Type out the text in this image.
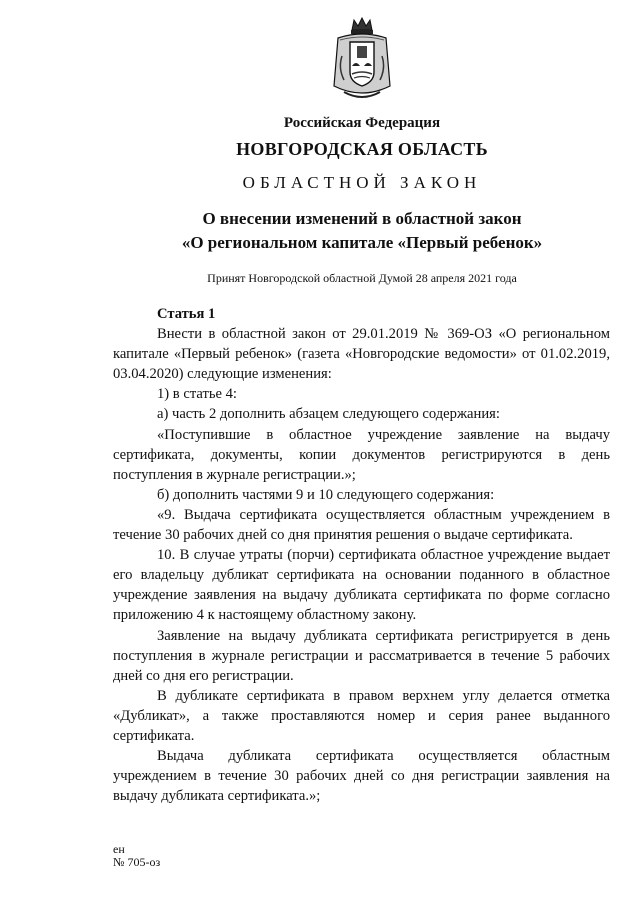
Российская Федерация
НОВГОРОДСКАЯ ОБЛАСТЬ
ОБЛАСТНОЙ ЗАКОН
О внесении изменений в областной закон
«О региональном капитале «Первый ребенок»
Принят Новгородской областной Думой 28 апреля 2021 года

Статья 1

Внести в областной закон от 29.01.2019 № 369-ОЗ «О региональном капитале «Первый ребенок» (газета «Новгородские ведомости» от 01.02.2019, 03.04.2020) следующие изменения:

1) в статье 4:

а) часть 2 дополнить абзацем следующего содержания:

«Поступившие в областное учреждение заявление на выдачу сертификата, документы, копии документов регистрируются в день поступления в журнале регистрации.»;

б) дополнить частями 9 и 10 следующего содержания:

«9. Выдача сертификата осуществляется областным учреждением в течение 30 рабочих дней со дня принятия решения о выдаче сертификата.

10. В случае утраты (порчи) сертификата областное учреждение выдает его владельцу дубликат сертификата на основании поданного в областное учреждение заявления на выдачу дубликата сертификата по форме согласно приложению 4 к настоящему областному закону.

Заявление на выдачу дубликата сертификата регистрируется в день поступления в журнале регистрации и рассматривается в течение 5 рабочих дней со дня его регистрации.

В дубликате сертификата в правом верхнем углу делается отметка «Дубликат», а также проставляются номер и серия ранее выданного сертификата.

Выдача дубликата сертификата осуществляется областным учреждением в течение 30 рабочих дней со дня регистрации заявления на выдачу дубликата сертификата.»;

ен
№ 705-оз
